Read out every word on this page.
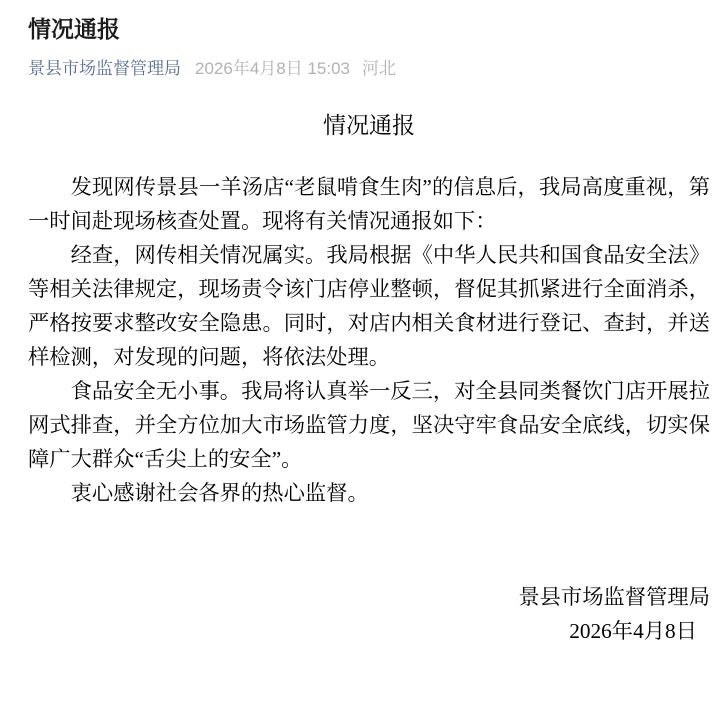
情况通报
景县市场监督管理局 2026年4月8日 15:03 河北
情况通报

发现网传景县一羊汤店“老鼠啃食生肉”的信息后，我局高度重视，第一时间赴现场核查处置。现将有关情况通报如下：

经查，网传相关情况属实。我局根据《中华人民共和国食品安全法》等相关法律规定，现场责令该门店停业整顿，督促其抓紧进行全面消杀，严格按要求整改安全隐患。同时，对店内相关食材进行登记、查封，并送样检测，对发现的问题，将依法处理。

食品安全无小事。我局将认真举一反三，对全县同类餐饮门店开展拉网式排查，并全方位加大市场监管力度，坚决守牢食品安全底线，切实保障广大群众“舌尖上的安全”。

衷心感谢社会各界的热心监督。

景县市场监督管理局
2026年4月8日
